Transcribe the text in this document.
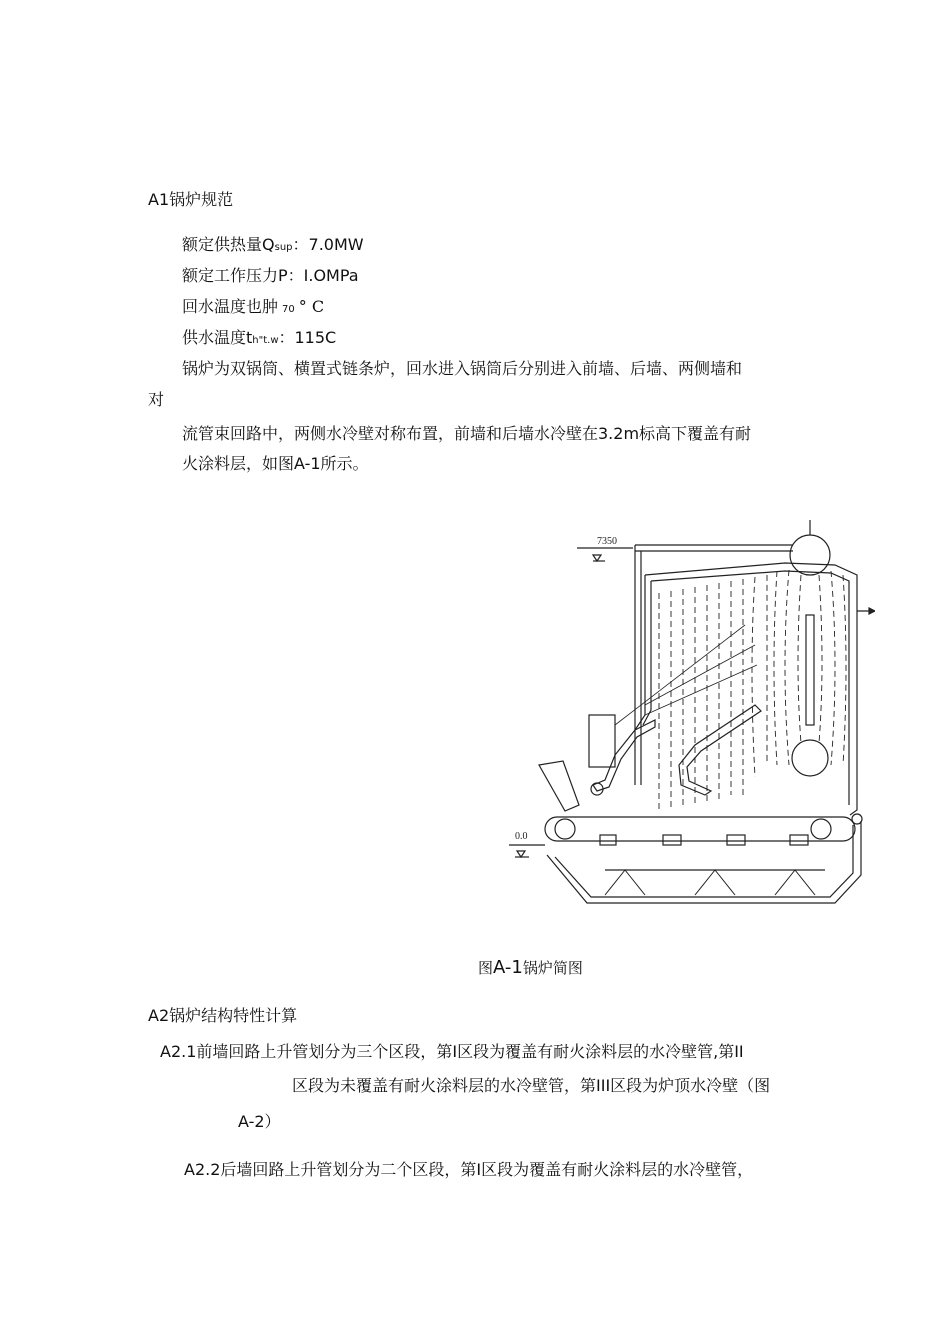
A1锅炉规范
额定供热量Qsup：7.0MW
额定工作压力P：I.OMPa
回水温度也肿 70 ° C
供水温度th"t.w：115C
锅炉为双锅筒、横置式链条炉，回水进入锅筒后分别进入前墙、后墙、两侧墙和
对
流管束回路中，两侧水冷壁对称布置，前墙和后墙水冷壁在3.2m标高下覆盖有耐
火涂料层，如图A-1所示。
7350
0.0
图A-1锅炉简图
A2锅炉结构特性计算
A2.1前墙回路上升管划分为三个区段，第I区段为覆盖有耐火涂料层的水冷壁管,第II
区段为未覆盖有耐火涂料层的水冷壁管，第III区段为炉顶水冷壁（图
A-2）
A2.2后墙回路上升管划分为二个区段，第I区段为覆盖有耐火涂料层的水冷壁管，
